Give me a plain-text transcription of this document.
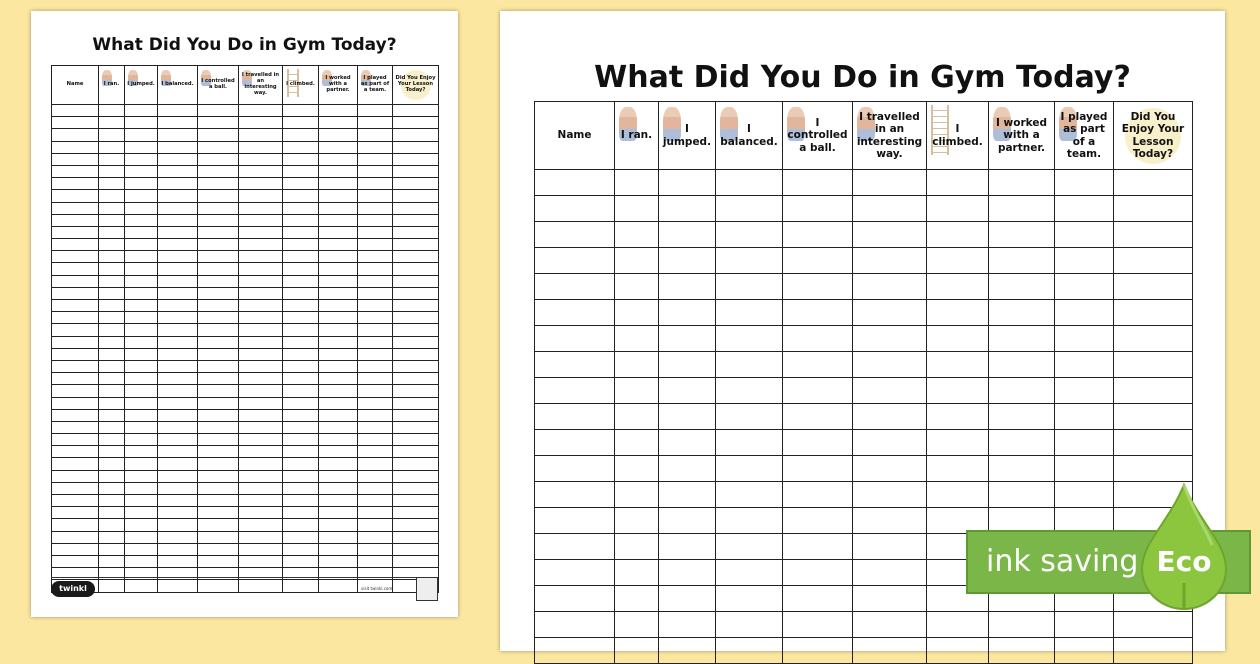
What Did You Do in Gym Today?
Name	I ran.	I jumped.	I balanced.	I controlled a ball.	I travelled in an interesting way.	I climbed.	I worked with a partner.	I played as part of a team.	Did You Enjoy Your Lesson Today?

twinkl	visit twinkl.com
What Did You Do in Gym Today?
Name	I ran.	I jumped.	I balanced.	I controlled a ball.	I travelled in an interesting way.	I climbed.	I worked with a partner.	I played as part of a team.	Did You Enjoy Your Lesson Today?

ink saving Eco
